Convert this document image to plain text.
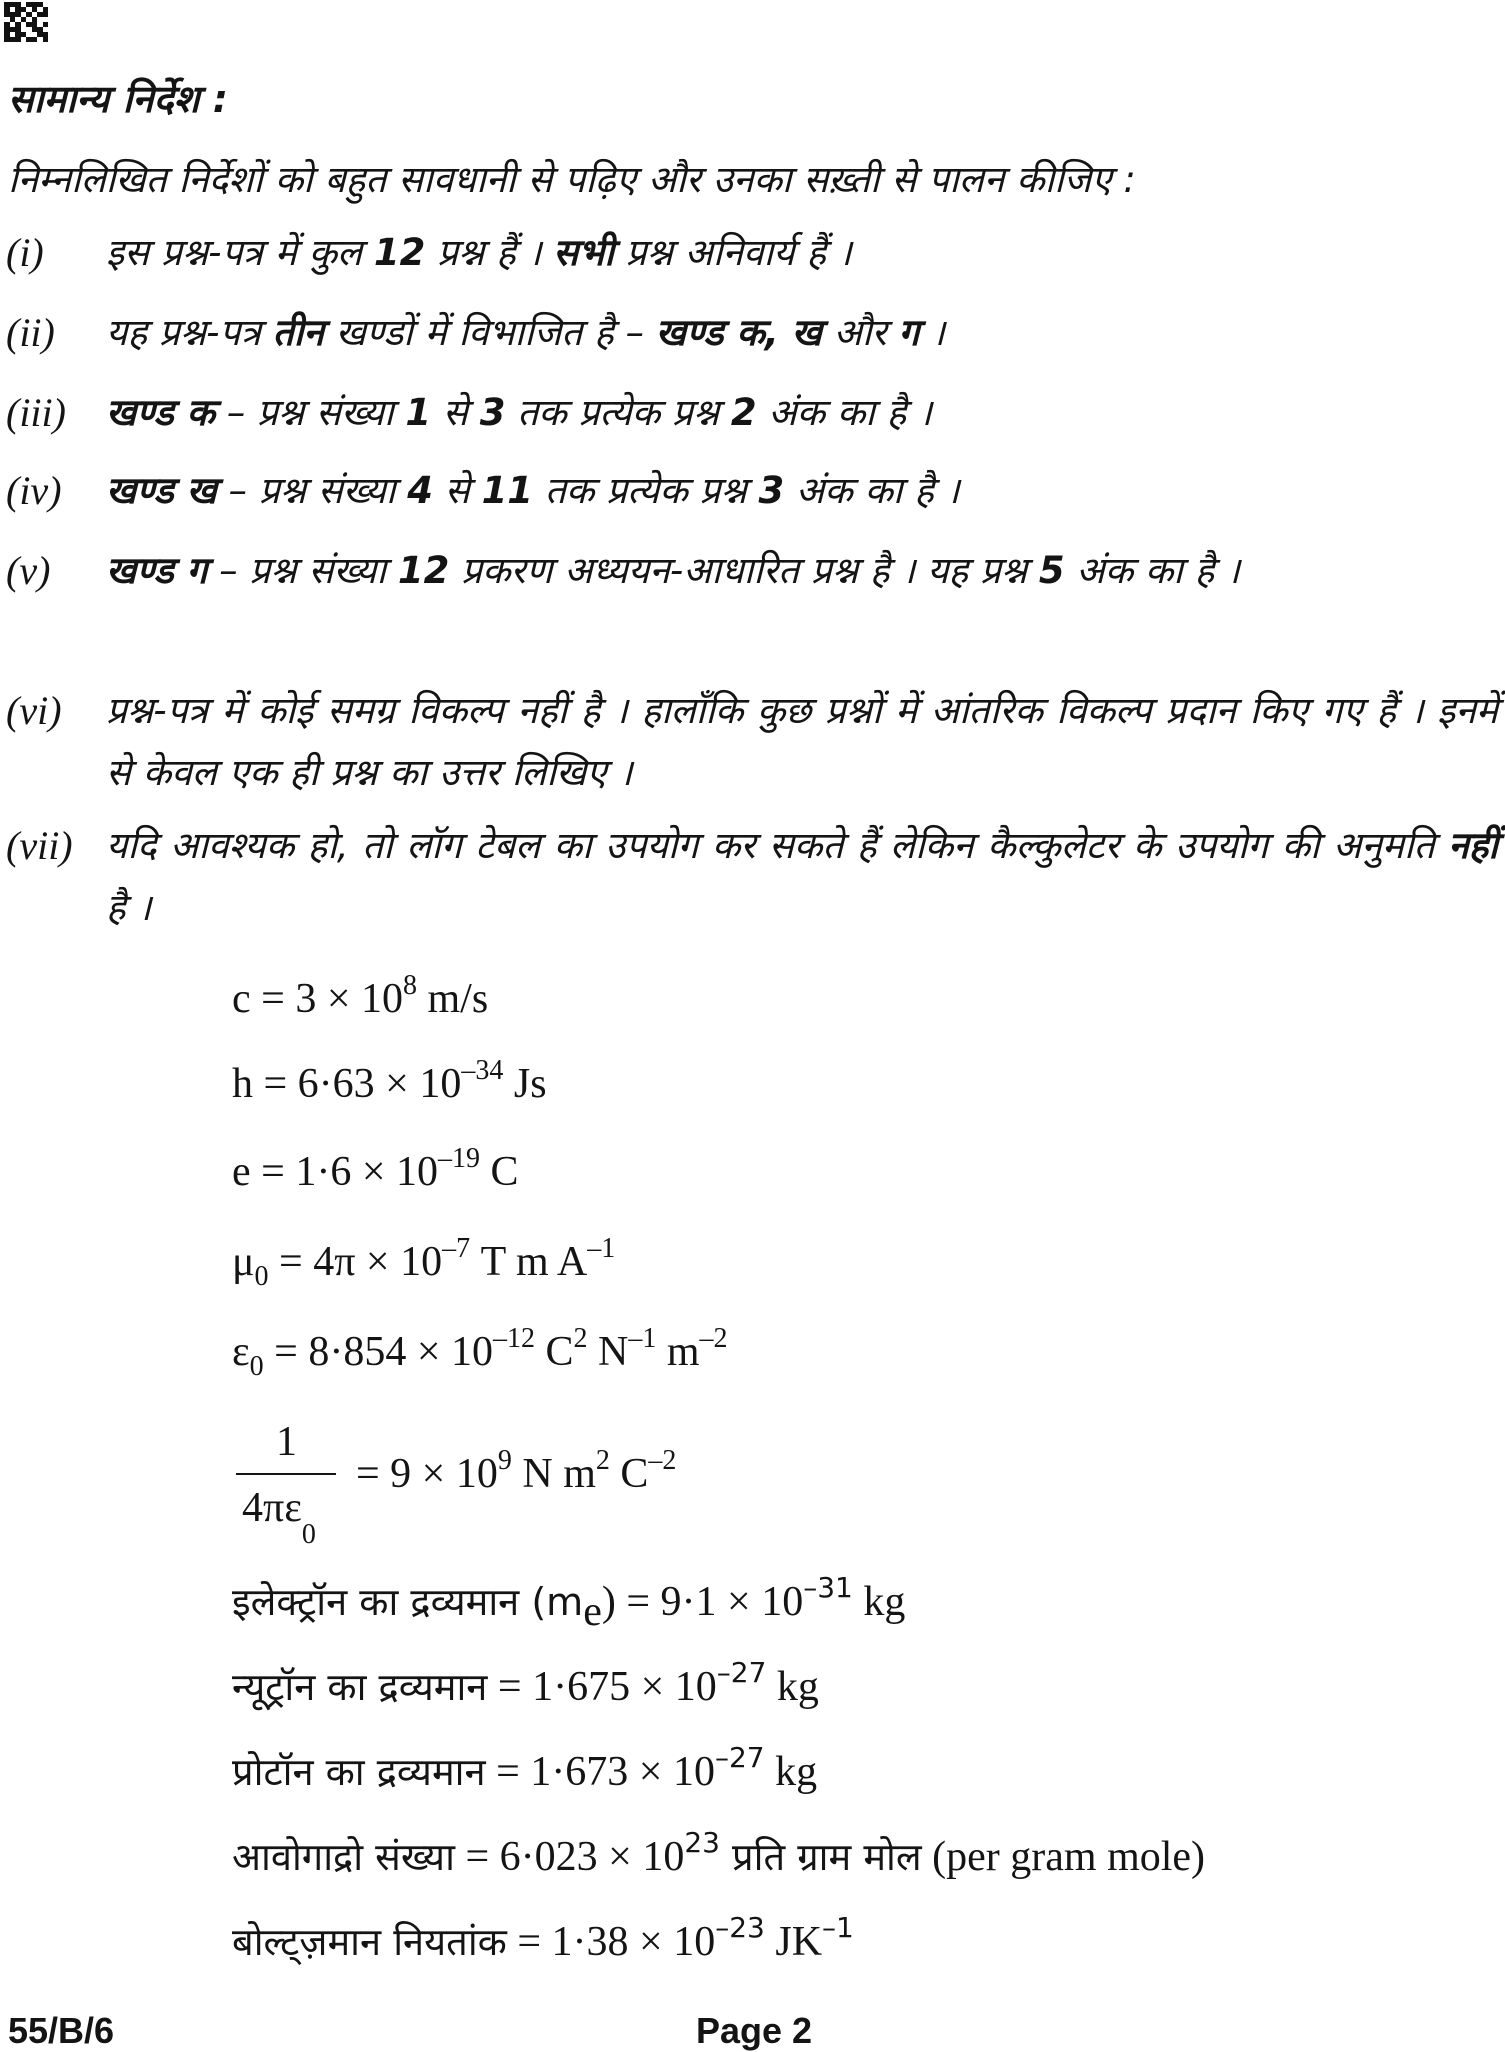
सामान्य निर्देश :
निम्नलिखित निर्देशों को बहुत सावधानी से पढ़िए और उनका सख़्ती से पालन कीजिए :
(i) इस प्रश्न-पत्र में कुल 12 प्रश्न हैं । सभी प्रश्न अनिवार्य हैं ।
(ii) यह प्रश्न-पत्र तीन खण्डों में विभाजित है – खण्ड क, ख और ग ।
(iii) खण्ड क – प्रश्न संख्या 1 से 3 तक प्रत्येक प्रश्न 2 अंक का है ।
(iv) खण्ड ख – प्रश्न संख्या 4 से 11 तक प्रत्येक प्रश्न 3 अंक का है ।
(v) खण्ड ग – प्रश्न संख्या 12 प्रकरण अध्ययन-आधारित प्रश्न है । यह प्रश्न 5 अंक का है ।
(vi) प्रश्न-पत्र में कोई समग्र विकल्प नहीं है । हालाँकि कुछ प्रश्नों में आंतरिक विकल्प प्रदान किए गए हैं । इनमें से केवल एक ही प्रश्न का उत्तर लिखिए ।
(vii) यदि आवश्यक हो, तो लॉग टेबल का उपयोग कर सकते हैं लेकिन कैल्कुलेटर के उपयोग की अनुमति नहीं है ।
$c = 3 \times 10^8$ m/s
$h = 6\cdot 63 \times 10^{-34}$ Js
$e = 1\cdot 6 \times 10^{-19}$ C
$\mu_0 = 4\pi \times 10^{-7}$ T m $A^{-1}$
$\varepsilon_0 = 8\cdot 854 \times 10^{-12}$ $C^2$ $N^{-1}$ $m^{-2}$
1
$4\pi\varepsilon_0$
= $9 \times 10^9$ N $m^2$ $C^{-2}$
इलेक्ट्रॉन का द्रव्यमान $(m_e) = 9\cdot 1 \times 10^{-31}$ kg
न्यूट्रॉन का द्रव्यमान = $1\cdot 675 \times 10^{-27}$ kg
प्रोटॉन का द्रव्यमान = $1\cdot 673 \times 10^{-27}$ kg
आवोगाद्रो संख्या = $6\cdot 023 \times 10^{23}$ प्रति ग्राम मोल (per gram mole)
बोल्ट्ज़मान नियतांक = $1\cdot 38 \times 10^{-23}$ $JK^{-1}$
55/B/6	Page 2
